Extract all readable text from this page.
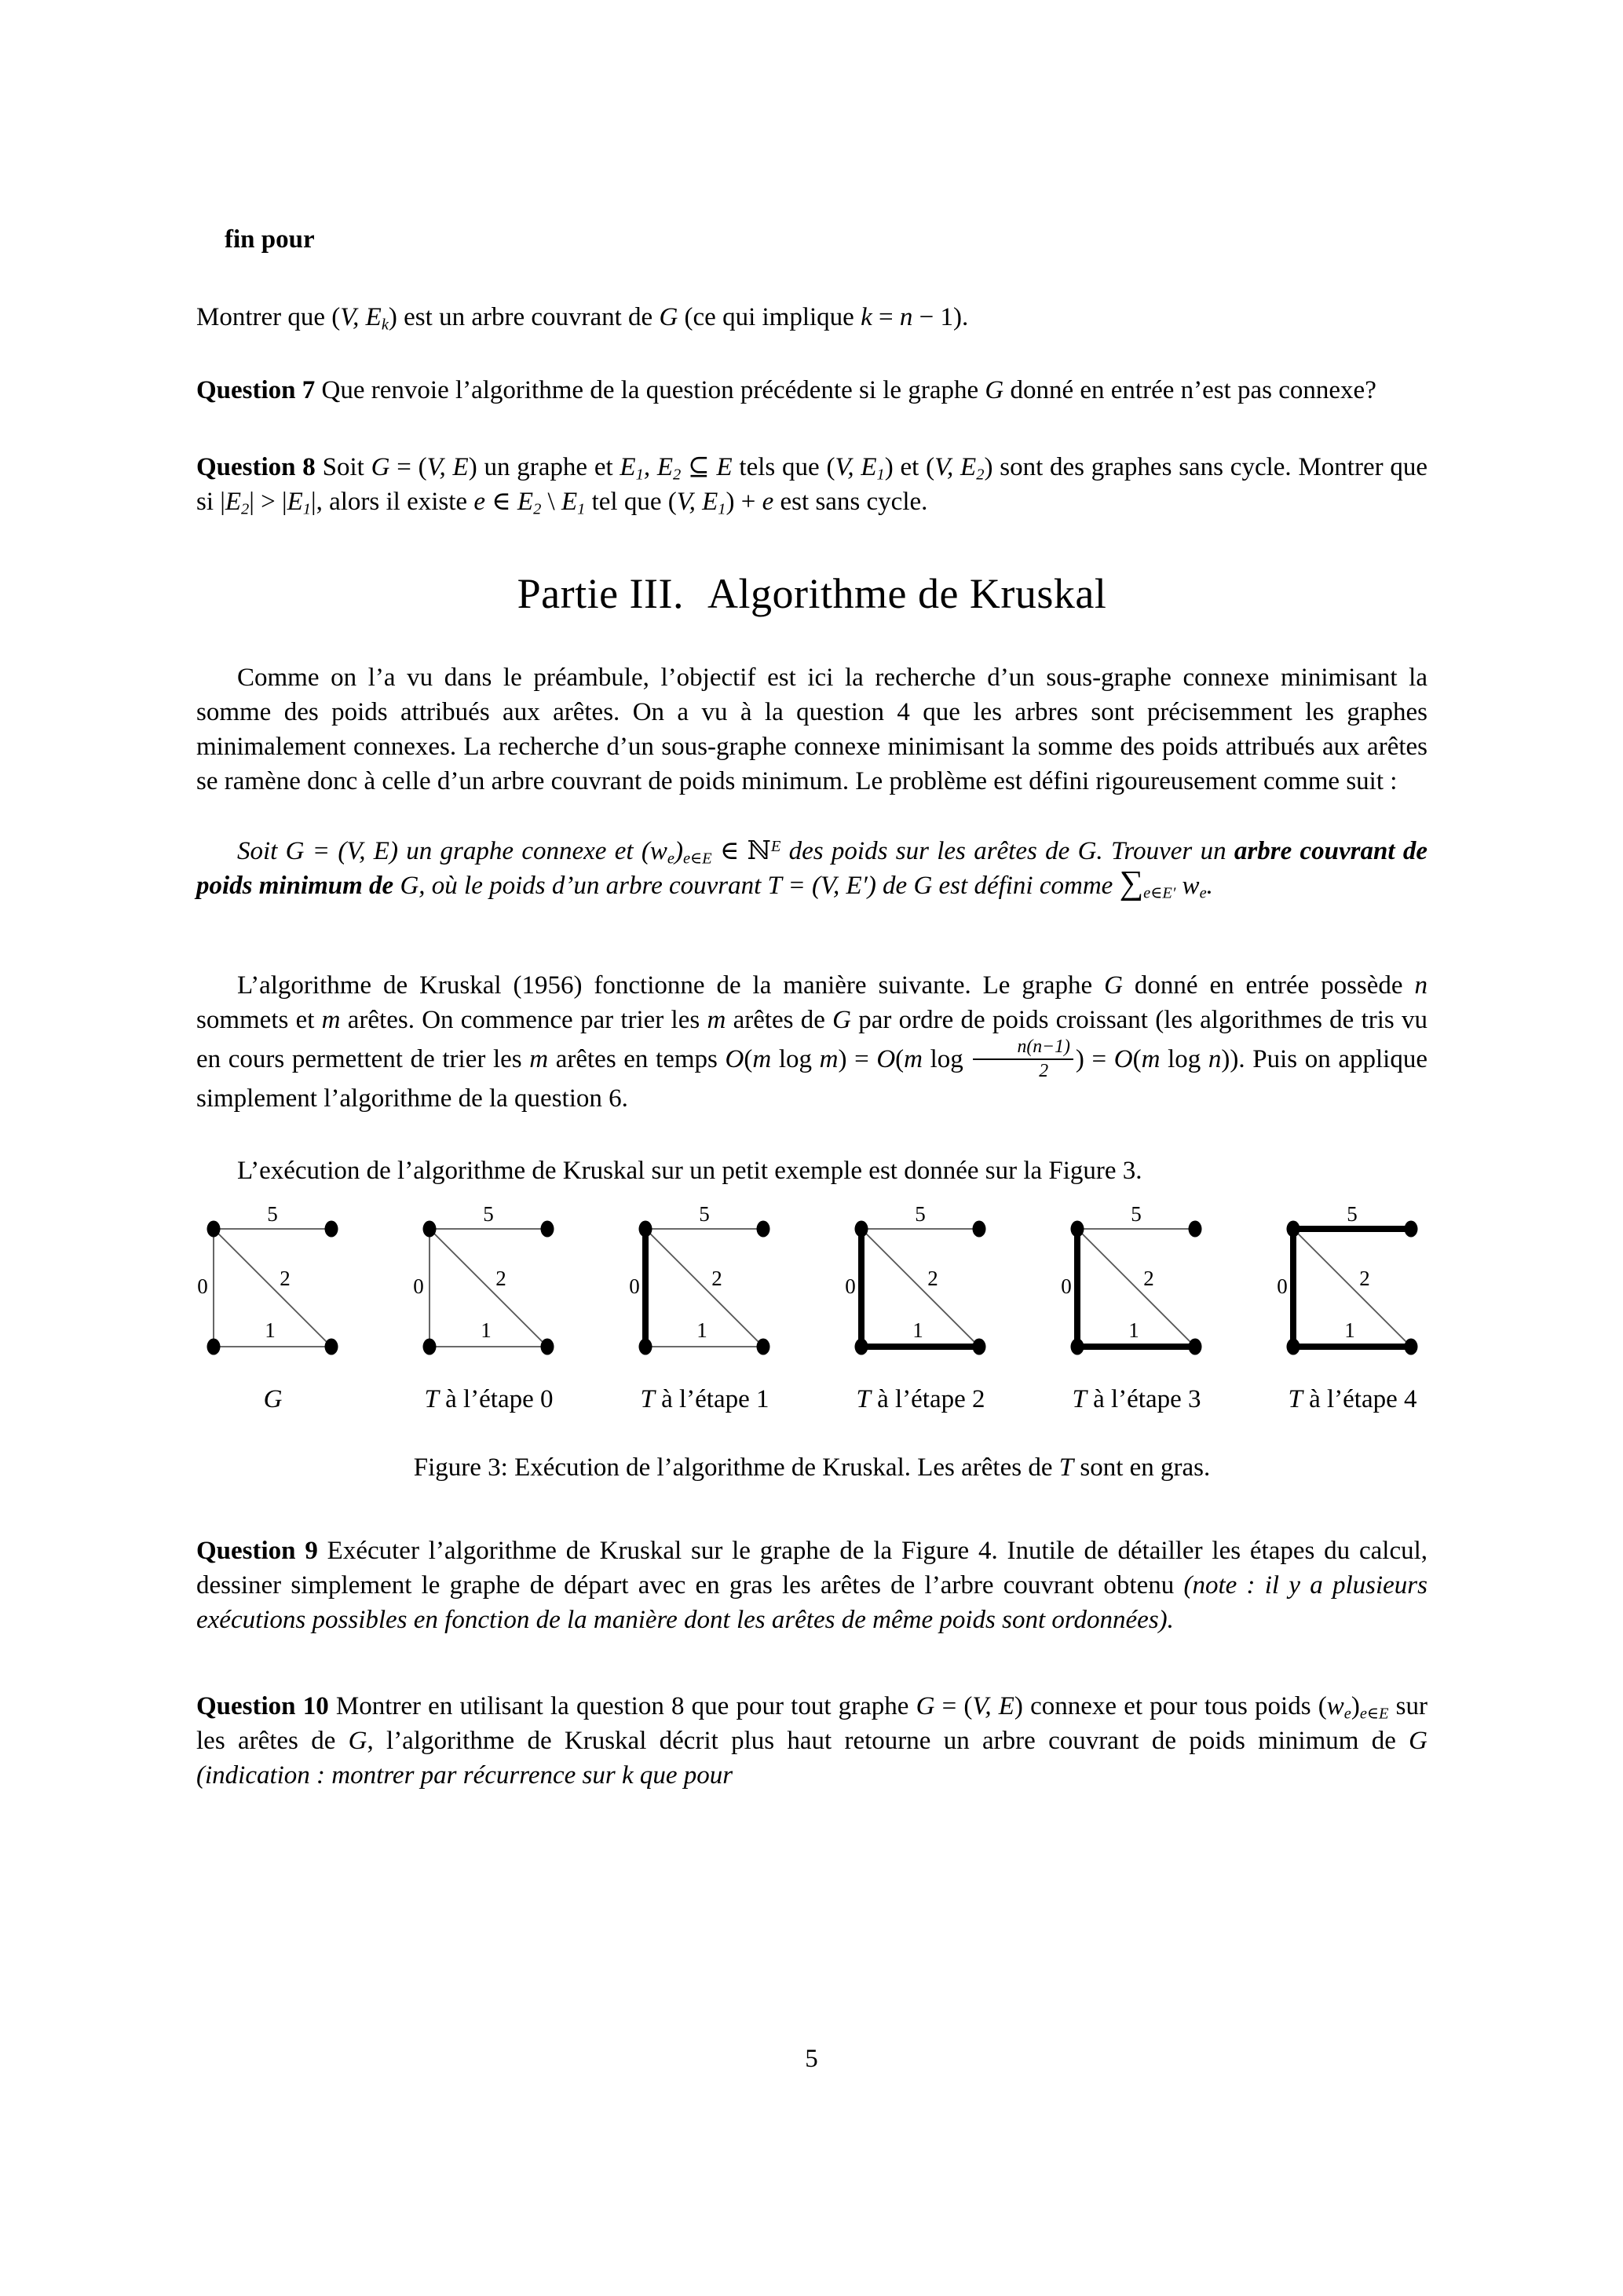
fin pour

Montrer que (V, Ek) est un arbre couvrant de G (ce qui implique k = n − 1).

Question 7 Que renvoie l’algorithme de la question précédente si le graphe G donné en entrée n’est pas connexe?

Question 8 Soit G = (V, E) un graphe et E1, E2 ⊆ E tels que (V, E1) et (V, E2) sont des graphes sans cycle. Montrer que si |E2| > |E1|, alors il existe e ∈ E2 \ E1 tel que (V, E1) + e est sans cycle.

Partie III. Algorithme de Kruskal

Comme on l’a vu dans le préambule, l’objectif est ici la recherche d’un sous-graphe connexe minimisant la somme des poids attribués aux arêtes. On a vu à la question 4 que les arbres sont précisemment les graphes minimalement connexes. La recherche d’un sous-graphe connexe minimisant la somme des poids attribués aux arêtes se ramène donc à celle d’un arbre couvrant de poids minimum. Le problème est défini rigoureusement comme suit :

Soit G = (V, E) un graphe connexe et (we)e∈E ∈ ℕ$^E$ des poids sur les arêtes de G. Trouver un arbre couvrant de poids minimum de G, où le poids d’un arbre couvrant T = (V, E′) de G est défini comme ∑e∈E′ we.

L’algorithme de Kruskal (1956) fonctionne de la manière suivante. Le graphe G donné en entrée possède n sommets et m arêtes. On commence par trier les m arêtes de G par ordre de poids croissant (les algorithmes de tris vu en cours permettent de trier les m arêtes en temps O(m log m) = O(m $\log \frac{n(n-1)}{2}$ ) = O(m log n)). Puis on applique simplement l’algorithme de la question 6.

L’exécution de l’algorithme de Kruskal sur un petit exemple est donnée sur la Figure 3.

5
0	2
1
G
5
0	2
1
T à l’étape 0
5
0	2
1
T à l’étape 1
5
0	2
1
T à l’étape 2
5
0	2
1
T à l’étape 3
5
0	2
1
T à l’étape 4

Figure 3: Exécution de l’algorithme de Kruskal. Les arêtes de T sont en gras.

Question 9 Exécuter l’algorithme de Kruskal sur le graphe de la Figure 4. Inutile de détailler les étapes du calcul, dessiner simplement le graphe de départ avec en gras les arêtes de l’arbre couvrant obtenu (note : il y a plusieurs exécutions possibles en fonction de la manière dont les arêtes de même poids sont ordonnées).

Question 10 Montrer en utilisant la question 8 que pour tout graphe G = (V, E) connexe et pour tous poids (we)e∈E sur les arêtes de G, l’algorithme de Kruskal décrit plus haut retourne un arbre couvrant de poids minimum de G (indication : montrer par récurrence sur k que pour

5
